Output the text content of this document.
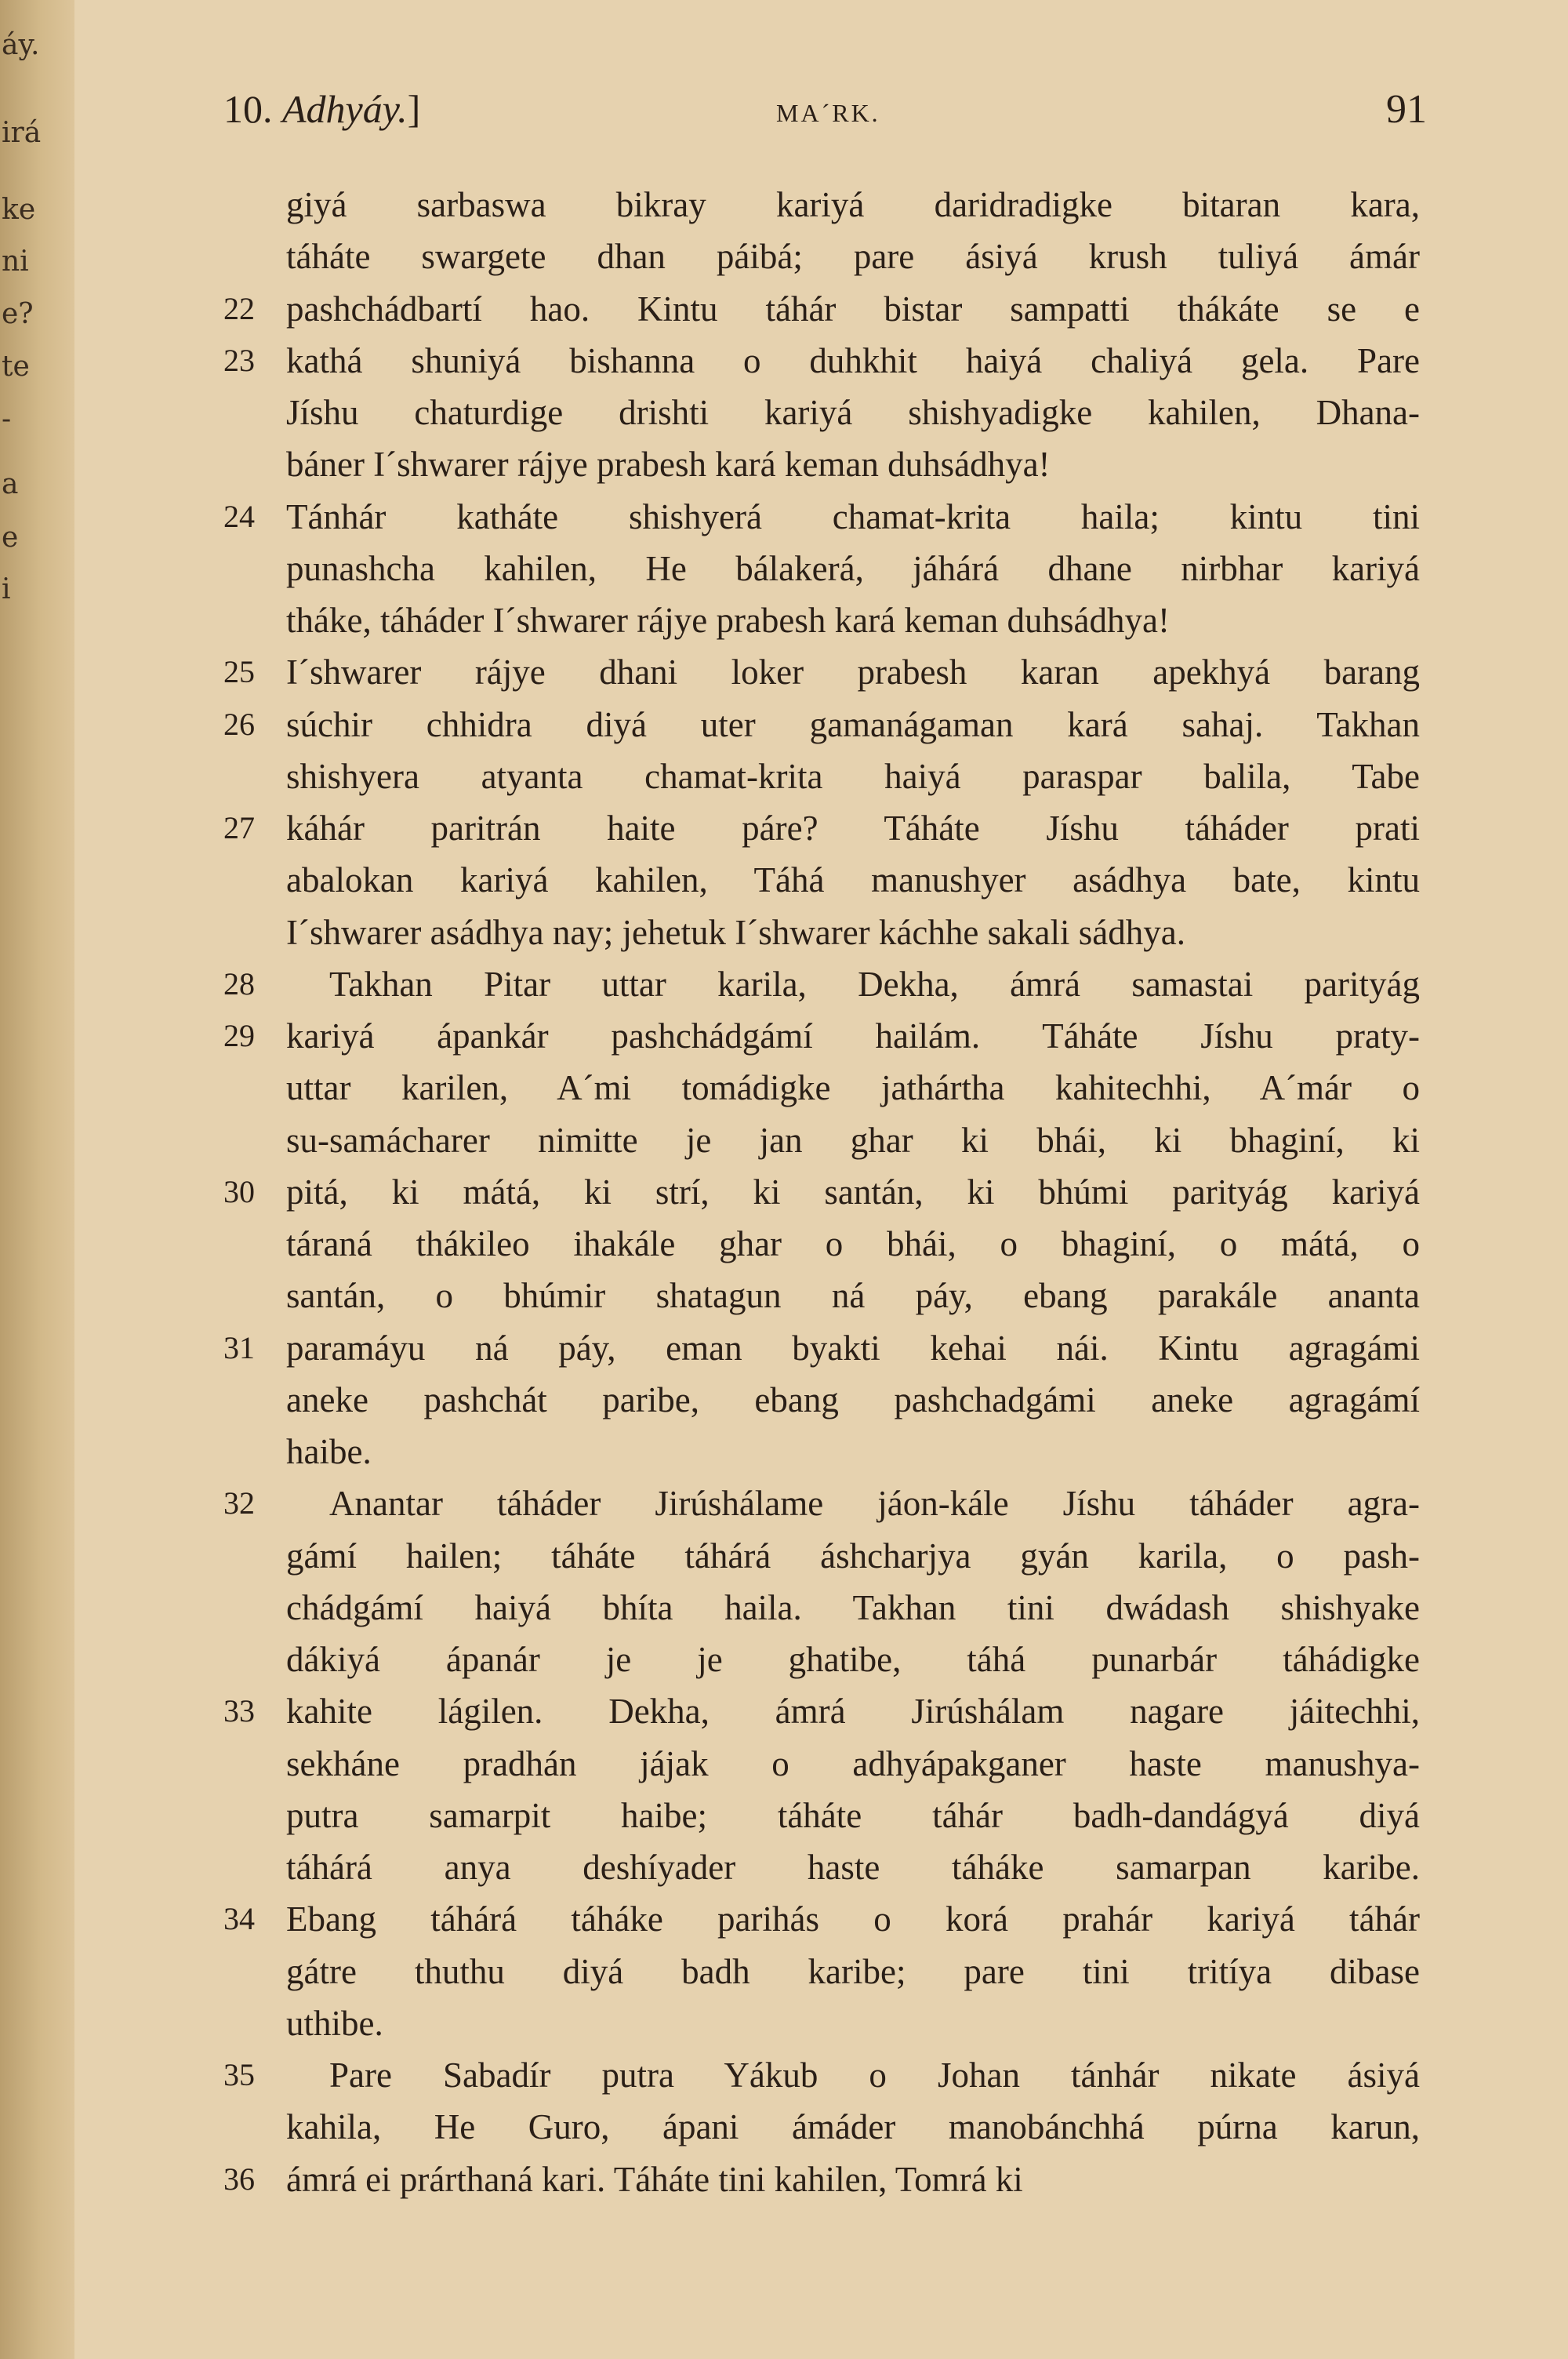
áy.
irá
ke
ni
e?
te
-
a
e
i
10. Adhyáy.]	MA´RK.	91
22
23
24
25
26
27
28
29
30
31
32
33
34
35
36
giyá sarbaswa bikray kariyá daridradigke bitaran kara,
táháte swargete dhan páibá; pare ásiyá krush tuliyá ámár
pashchádbartí hao. Kintu táhár bistar sampatti thákáte se e
kathá shuniyá bishanna o duhkhit haiyá chaliyá gela. Pare
Jíshu chaturdige drishti kariyá shishyadigke kahilen, Dhana-
báner I´shwarer rájye prabesh kará keman duhsádhya!
Tánhár katháte shishyerá chamat-krita haila; kintu tini
punashcha kahilen, He bálakerá, jáhárá dhane nirbhar kariyá
tháke, táháder I´shwarer rájye prabesh kará keman duhsádhya!
I´shwarer rájye dhani loker prabesh karan apekhyá barang
súchir chhidra diyá uter gamanágaman kará sahaj. Takhan
shishyera atyanta chamat-krita haiyá paraspar balila, Tabe
káhár paritrán haite páre? Táháte Jíshu táháder prati
abalokan kariyá kahilen, Táhá manushyer asádhya bate, kintu
I´shwarer asádhya nay; jehetuk I´shwarer káchhe sakali sádhya.
Takhan Pitar uttar karila, Dekha, ámrá samastai parityág
kariyá ápankár pashchádgámí hailám. Táháte Jíshu praty-
uttar karilen, A´mi tomádigke jathártha kahitechhi, A´már o
su-samácharer nimitte je jan ghar ki bhái, ki bhaginí, ki
pitá, ki mátá, ki strí, ki santán, ki bhúmi parityág kariyá
táraná thákileo ihakále ghar o bhái, o bhaginí, o mátá, o
santán, o bhúmir shatagun ná páy, ebang parakále ananta
paramáyu ná páy, eman byakti kehai nái. Kintu agragámi
aneke pashchát paribe, ebang pashchadgámi aneke agragámí
haibe.
Anantar táháder Jirúshálame jáon-kále Jíshu táháder agra-
gámí hailen; táháte táhárá áshcharjya gyán karila, o pash-
chádgámí haiyá bhíta haila. Takhan tini dwádash shishyake
dákiyá ápanár je je ghatibe, táhá punarbár táhádigke
kahite lágilen. Dekha, ámrá Jirúshálam nagare jáitechhi,
sekháne pradhán jájak o adhyápakganer haste manushya-
putra samarpit haibe; táháte táhár badh-dandágyá diyá
táhárá anya deshíyader haste táháke samarpan karibe.
Ebang táhárá táháke parihás o korá prahár kariyá táhár
gátre thuthu diyá badh karibe; pare tini tritíya dibase
uthibe.
Pare Sabadír putra Yákub o Johan tánhár nikate ásiyá
kahila, He Guro, ápani ámáder manobánchhá púrna karun,
ámrá ei prárthaná kari. Táháte tini kahilen, Tomrá ki
